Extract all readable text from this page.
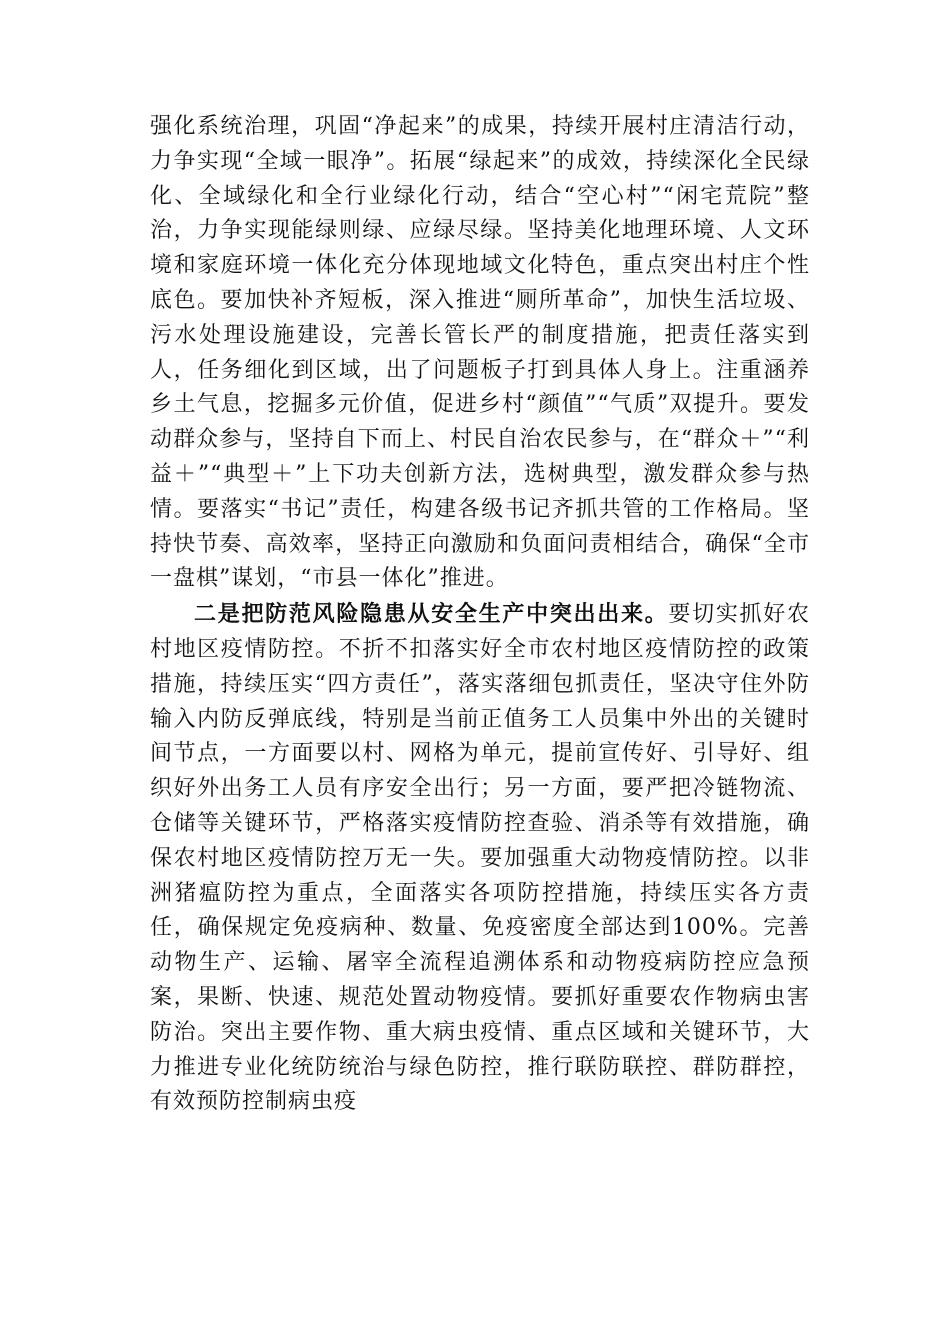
强化系统治理，巩固“净起来”的成果，持续开展村庄清洁行动，力争实现“全域一眼净”。拓展“绿起来”的成效，持续深化全民绿化、全域绿化和全行业绿化行动，结合“空心村”“闲宅荒院”整治，力争实现能绿则绿、应绿尽绿。坚持美化地理环境、人文环境和家庭环境一体化充分体现地域文化特色，重点突出村庄个性底色。要加快补齐短板，深入推进“厕所革命”，加快生活垃圾、污水处理设施建设，完善长管长严的制度措施，把责任落实到人，任务细化到区域，出了问题板子打到具体人身上。注重涵养乡土气息，挖掘多元价值，促进乡村“颜值”“气质”双提升。要发动群众参与，坚持自下而上、村民自治农民参与，在“群众＋”“利益＋”“典型＋”上下功夫创新方法，选树典型，激发群众参与热情。要落实“书记”责任，构建各级书记齐抓共管的工作格局。坚持快节奏、高效率，坚持正向激励和负面问责相结合，确保“全市一盘棋”谋划，“市县一体化”推进。

二是把防范风险隐患从安全生产中突出出来。要切实抓好农村地区疫情防控。不折不扣落实好全市农村地区疫情防控的政策措施，持续压实“四方责任”，落实落细包抓责任，坚决守住外防输入内防反弹底线，特别是当前正值务工人员集中外出的关键时间节点，一方面要以村、网格为单元，提前宣传好、引导好、组织好外出务工人员有序安全出行；另一方面，要严把冷链物流、仓储等关键环节，严格落实疫情防控查验、消杀等有效措施，确保农村地区疫情防控万无一失。要加强重大动物疫情防控。以非洲猪瘟防控为重点，全面落实各项防控措施，持续压实各方责任，确保规定免疫病种、数量、免疫密度全部达到100%。完善动物生产、运输、屠宰全流程追溯体系和动物疫病防控应急预案，果断、快速、规范处置动物疫情。要抓好重要农作物病虫害防治。突出主要作物、重大病虫疫情、重点区域和关键环节，大力推进专业化统防统治与绿色防控，推行联防联控、群防群控，有效预防控制病虫疫
